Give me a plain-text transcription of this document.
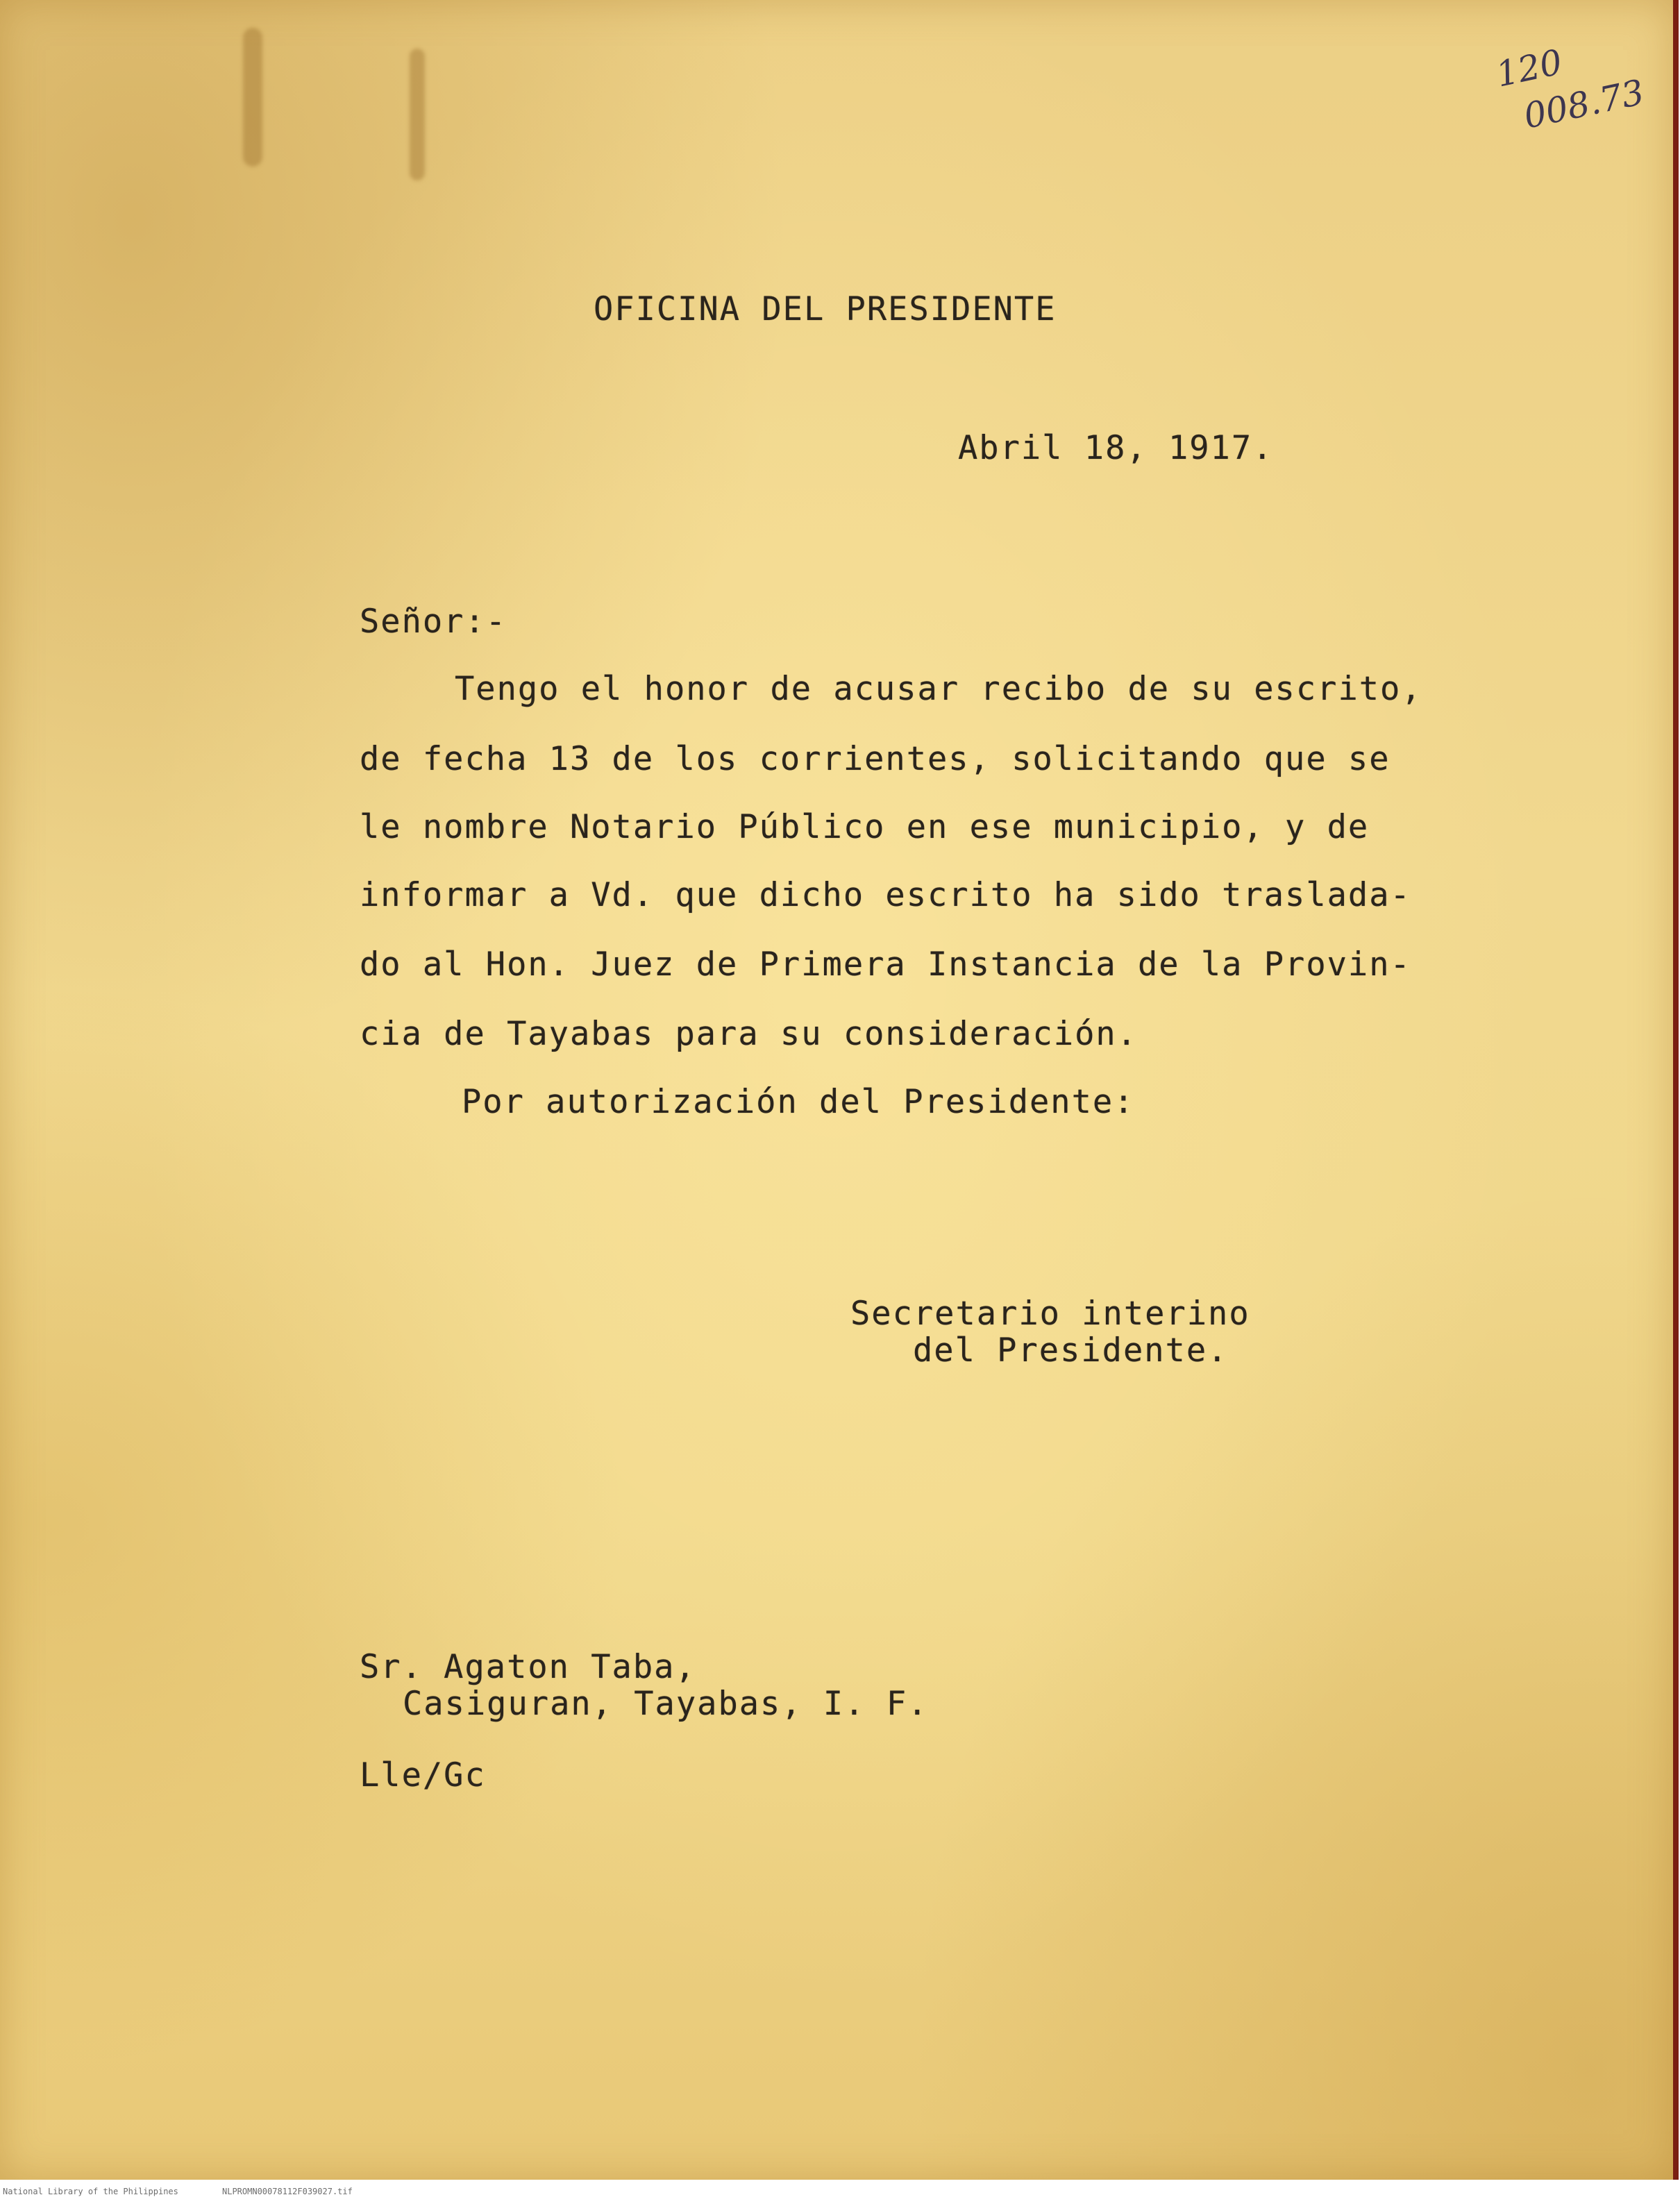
120
008.73

OFICINA DEL PRESIDENTE

Abril 18, 1917.

Señor:-

Tengo el honor de acusar recibo de su escrito,

de fecha 13 de los corrientes, solicitando que se

le nombre Notario Público en ese municipio, y de

informar a Vd. que dicho escrito ha sido traslada-

do al Hon. Juez de Primera Instancia de la Provin-

cia de Tayabas para su consideración.

Por autorización del Presidente:

Secretario interino

del Presidente.

Sr. Agaton Taba,

Casiguran, Tayabas, I. F.

Lle/Gc

National Library of the Philippines	NLPROMN00078112F039027.tif
